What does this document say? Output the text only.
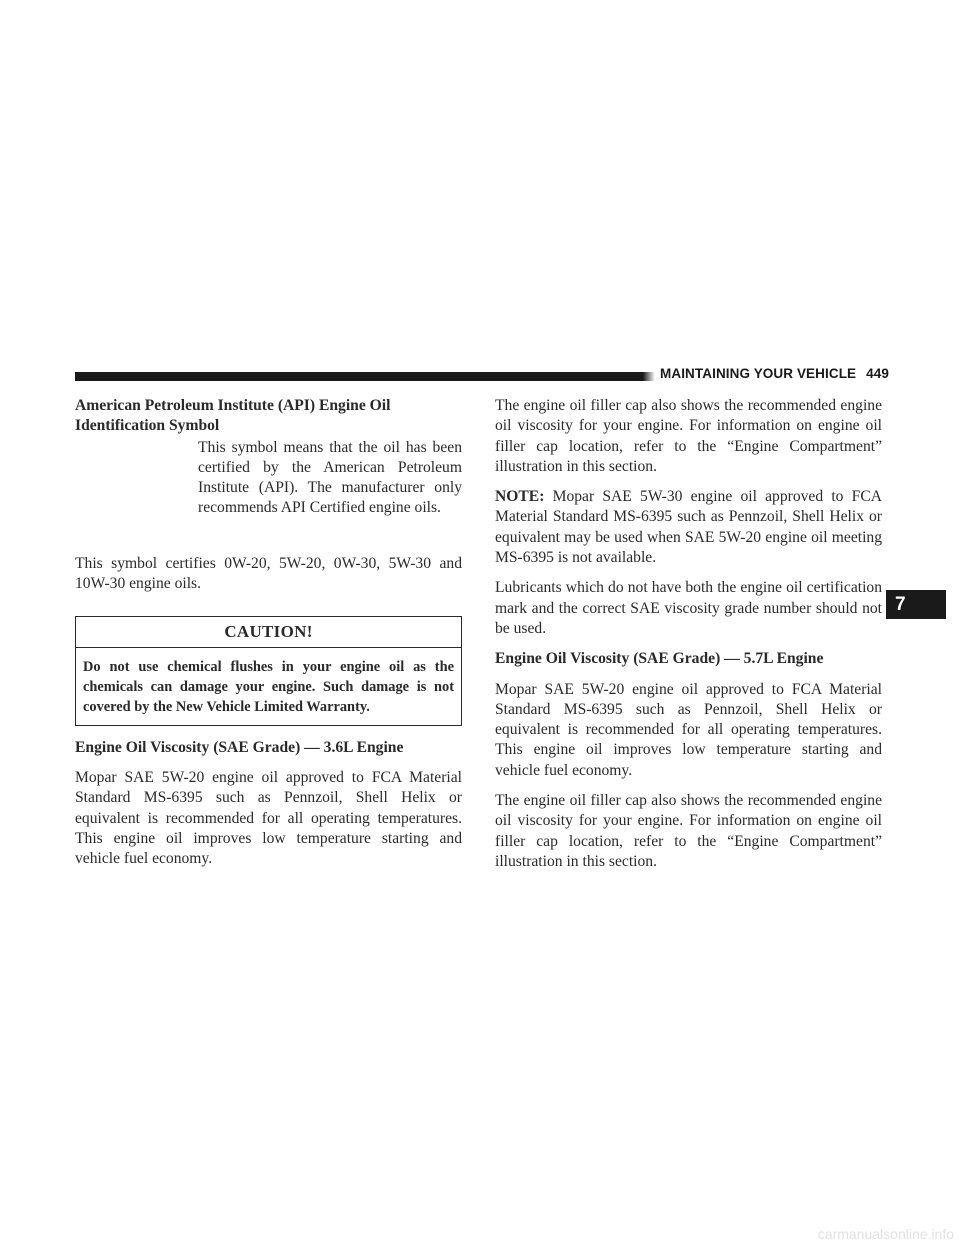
MAINTAINING YOUR VEHICLE 449
American Petroleum Institute (API) Engine Oil
Identification Symbol

This symbol means that the oil has been certified by the American Petroleum Institute (API). The manufacturer only recommends API Certified engine oils.

This symbol certifies 0W-20, 5W-20, 0W-30, 5W-30 and 10W-30 engine oils.

CAUTION!
Do not use chemical flushes in your engine oil as the chemicals can damage your engine. Such damage is not covered by the New Vehicle Limited Warranty.

Engine Oil Viscosity (SAE Grade) — 3.6L Engine

Mopar SAE 5W-20 engine oil approved to FCA Material Standard MS-6395 such as Pennzoil, Shell Helix or equivalent is recommended for all operating temperatures. This engine oil improves low temperature starting and vehicle fuel economy.

The engine oil filler cap also shows the recommended engine oil viscosity for your engine. For information on engine oil filler cap location, refer to the “Engine Compartment” illustration in this section.

NOTE: Mopar SAE 5W-30 engine oil approved to FCA Material Standard MS-6395 such as Pennzoil, Shell Helix or equivalent may be used when SAE 5W-20 engine oil meeting MS-6395 is not available.

Lubricants which do not have both the engine oil certification mark and the correct SAE viscosity grade number should not be used.

Engine Oil Viscosity (SAE Grade) — 5.7L Engine

Mopar SAE 5W-20 engine oil approved to FCA Material Standard MS-6395 such as Pennzoil, Shell Helix or equivalent is recommended for all operating temperatures. This engine oil improves low temperature starting and vehicle fuel economy.

The engine oil filler cap also shows the recommended engine oil viscosity for your engine. For information on engine oil filler cap location, refer to the “Engine Compartment” illustration in this section.

7
carmanualsonline.info
